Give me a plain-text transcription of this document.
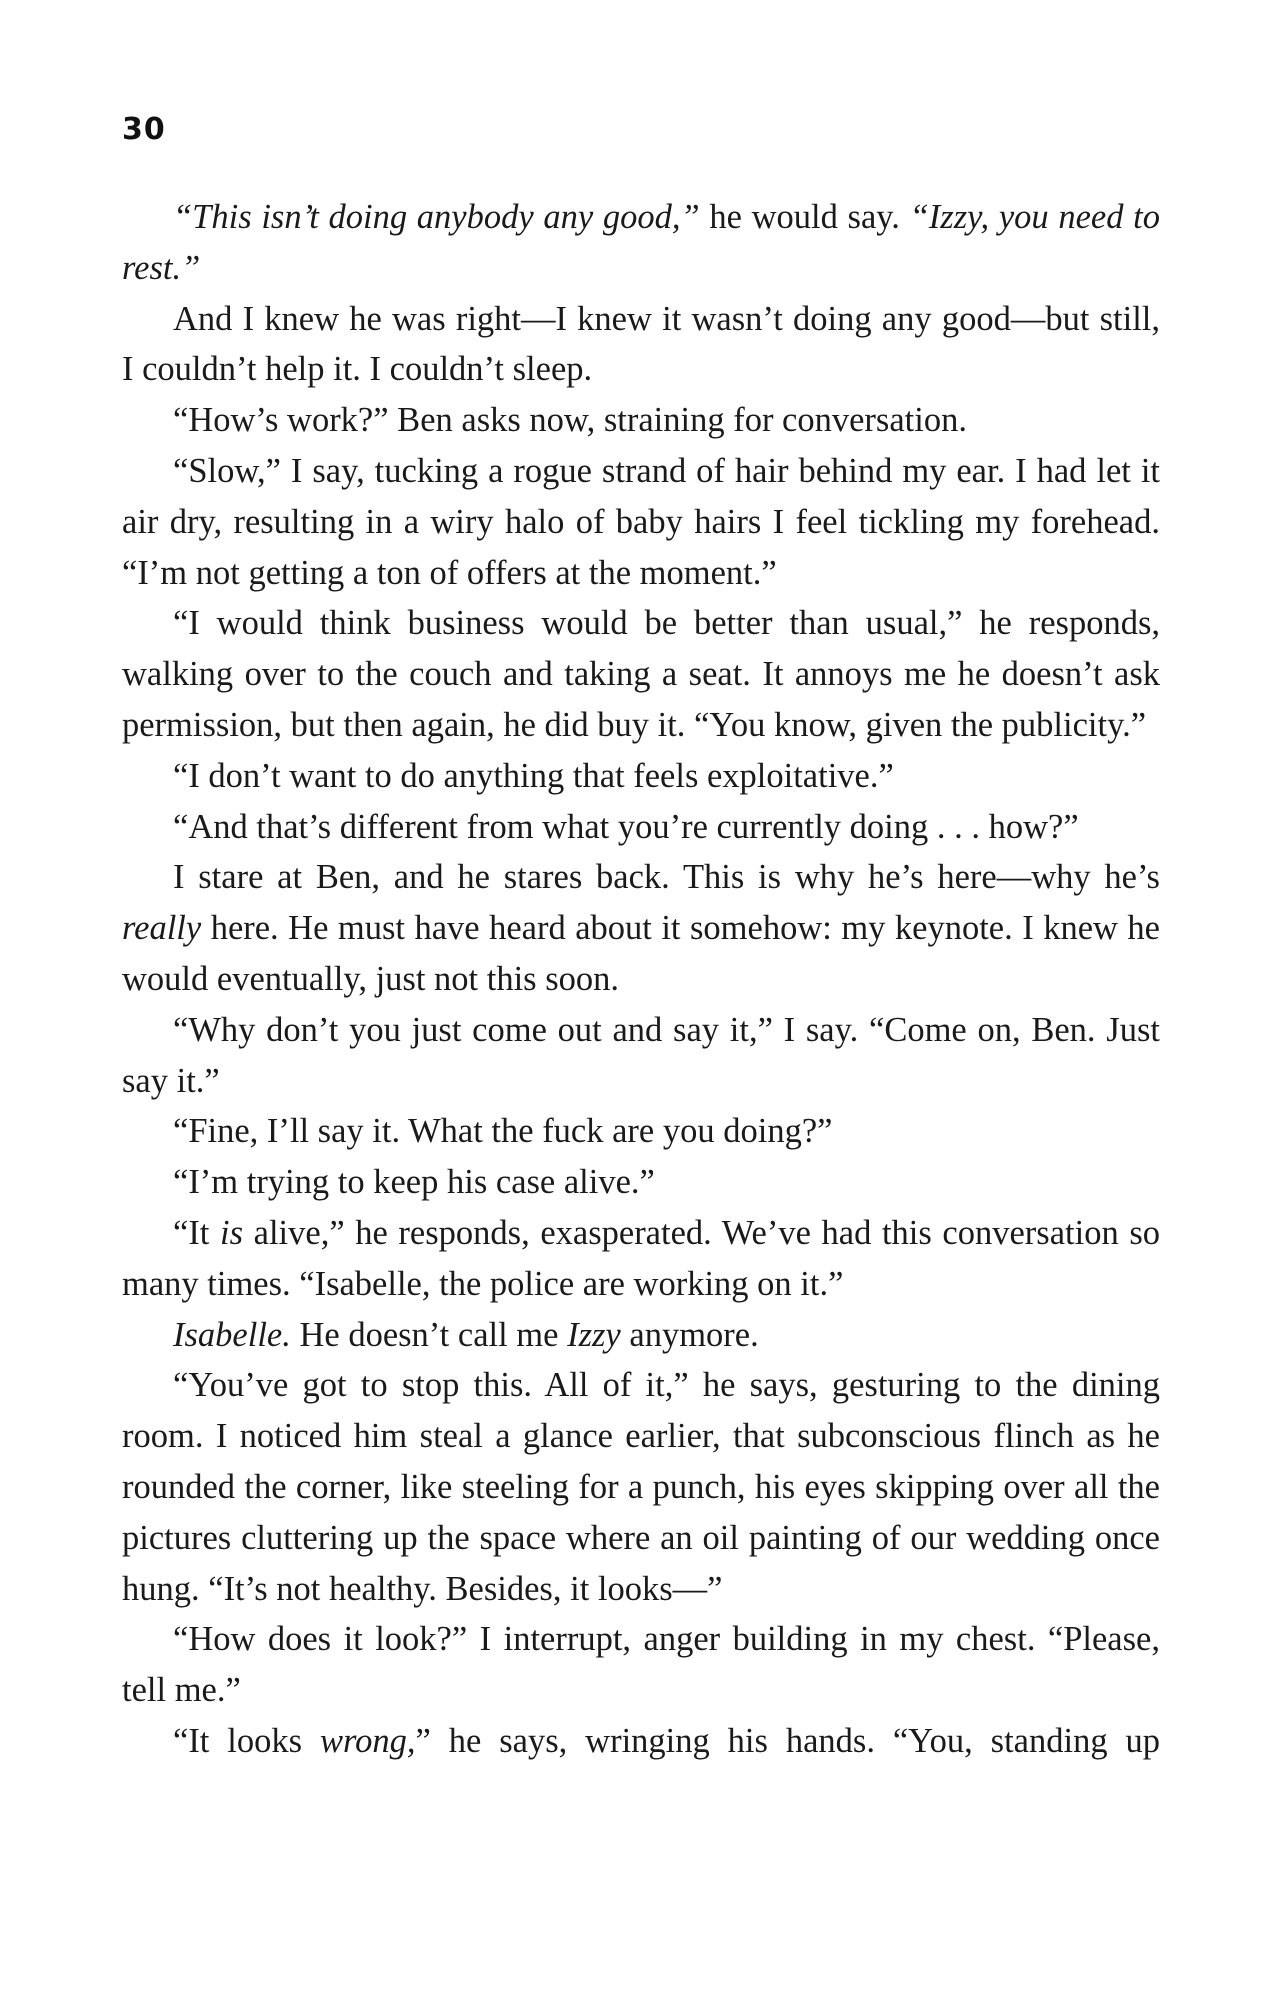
30

“This isn’t doing anybody any good,” he would say. “Izzy, you need to rest.”

And I knew he was right—I knew it wasn’t doing any good—but still, I couldn’t help it. I couldn’t sleep.

“How’s work?” Ben asks now, straining for conversation.

“Slow,” I say, tucking a rogue strand of hair behind my ear. I had let it air dry, resulting in a wiry halo of baby hairs I feel tickling my forehead. “I’m not getting a ton of offers at the moment.”

“I would think business would be better than usual,” he responds, walking over to the couch and taking a seat. It annoys me he doesn’t ask permission, but then again, he did buy it. “You know, given the publicity.”

“I don’t want to do anything that feels exploitative.”

“And that’s different from what you’re currently doing . . . how?”

I stare at Ben, and he stares back. This is why he’s here—why he’s really here. He must have heard about it somehow: my keynote. I knew he would eventually, just not this soon.

“Why don’t you just come out and say it,” I say. “Come on, Ben. Just say it.”

“Fine, I’ll say it. What the fuck are you doing?”

“I’m trying to keep his case alive.”

“It is alive,” he responds, exasperated. We’ve had this conversation so many times. “Isabelle, the police are working on it.”

Isabelle. He doesn’t call me Izzy anymore.

“You’ve got to stop this. All of it,” he says, gesturing to the dining room. I noticed him steal a glance earlier, that subconscious flinch as he rounded the corner, like steeling for a punch, his eyes skipping over all the pictures cluttering up the space where an oil painting of our wedding once hung. “It’s not healthy. Besides, it looks—”

“How does it look?” I interrupt, anger building in my chest. “Please, tell me.”

“It looks wrong,” he says, wringing his hands. “You, standing up
